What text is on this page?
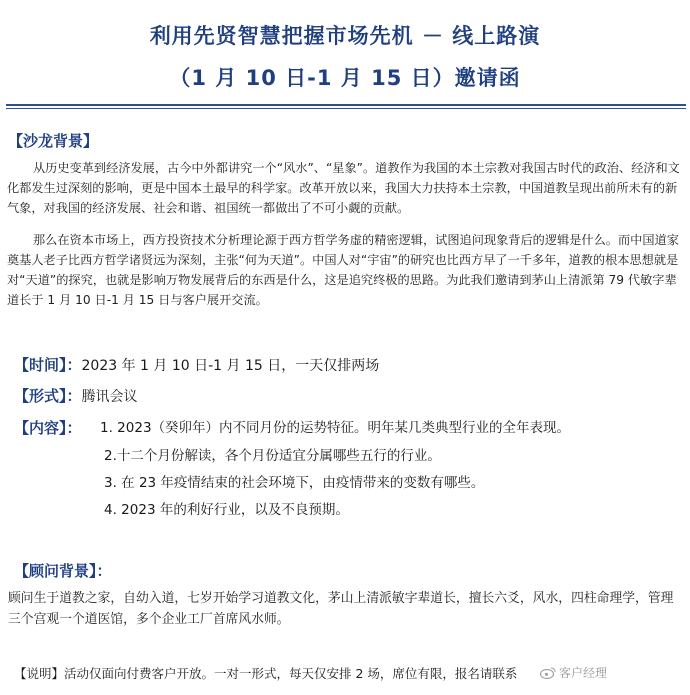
利用先贤智慧把握市场先机 － 线上路演
（1 月 10 日-1 月 15 日）邀请函
【沙龙背景】

从历史变革到经济发展，古今中外都讲究一个“风水”、“星象”。道教作为我国的本土宗教对我国古时代的政治、经济和文化都发生过深刻的影响，更是中国本土最早的科学家。改革开放以来，我国大力扶持本土宗教，中国道教呈现出前所未有的新气象，对我国的经济发展、社会和谐、祖国统一都做出了不可小觑的贡献。

那么在资本市场上，西方投资技术分析理论源于西方哲学务虚的精密逻辑，试图追问现象背后的逻辑是什么。而中国道家奠基人老子比西方哲学诸贤远为深刻，主张“何为天道”。中国人对“宇宙”的研究也比西方早了一千多年，道教的根本思想就是对“天道”的探究，也就是影响万物发展背后的东西是什么，这是追究终极的思路。为此我们邀请到茅山上清派第 79 代敏字辈道长于 1 月 10 日-1 月 15 日与客户展开交流。

【时间】：2023 年 1 月 10 日-1 月 15 日，一天仅排两场
【形式】：腾讯会议
【内容】： 1. 2023（癸卯年）内不同月份的运势特征。明年某几类典型行业的全年表现。
2.十二个月份解读，各个月份适宜分属哪些五行的行业。
3. 在 23 年疫情结束的社会环境下，由疫情带来的变数有哪些。
4. 2023 年的利好行业，以及不良预期。
【顾问背景】：

顾问生于道教之家，自幼入道，七岁开始学习道教文化，茅山上清派敏字辈道长，擅长六爻，风水，四柱命理学，管理三个宫观一个道医馆，多个企业工厂首席风水师。

【说明】活动仅面向付费客户开放。一对一形式，每天仅安排 2 场，席位有限，报名请联系	客户经理
